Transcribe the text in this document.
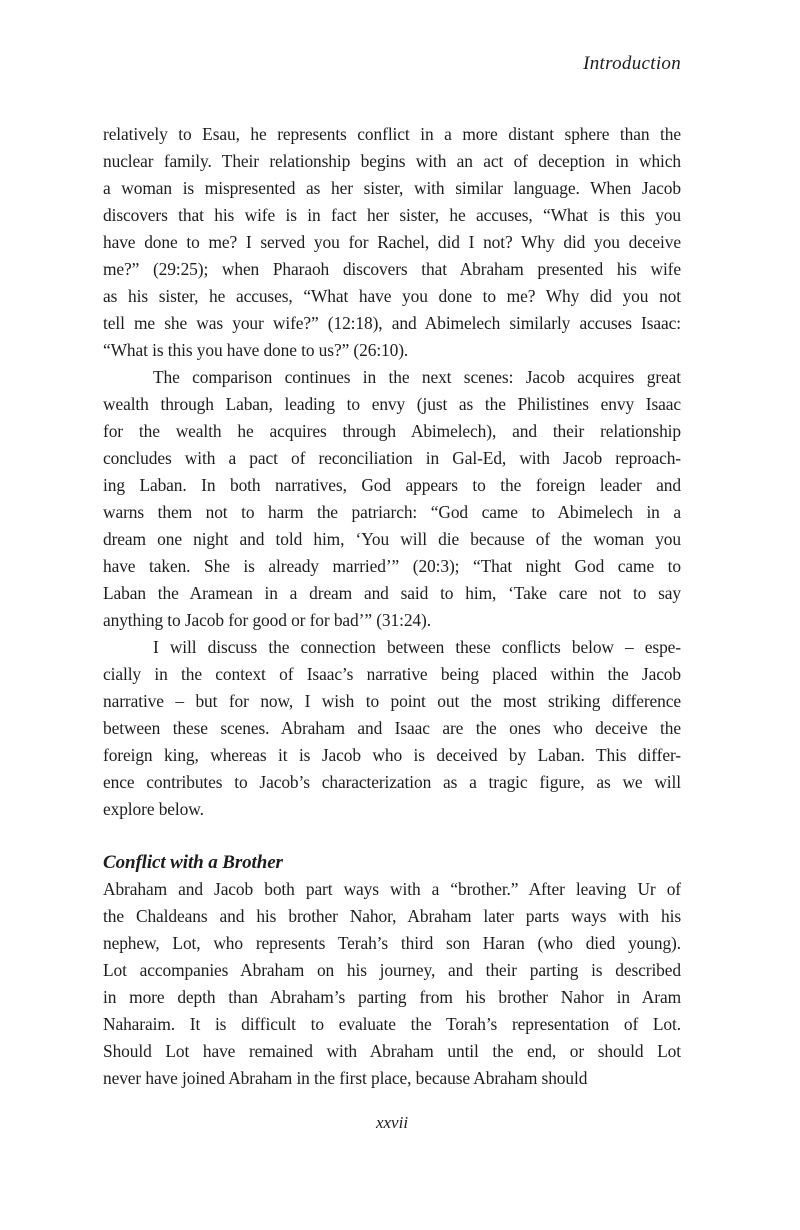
Introduction
relatively to Esau, he represents conflict in a more distant sphere than the
nuclear family. Their relationship begins with an act of deception in which
a woman is mispresented as her sister, with similar language. When Jacob
discovers that his wife is in fact her sister, he accuses, “What is this you
have done to me? I served you for Rachel, did I not? Why did you deceive
me?” (29:25); when Pharaoh discovers that Abraham presented his wife
as his sister, he accuses, “What have you done to me? Why did you not
tell me she was your wife?” (12:18), and Abimelech similarly accuses Isaac:
“What is this you have done to us?” (26:10).
The comparison continues in the next scenes: Jacob acquires great
wealth through Laban, leading to envy (just as the Philistines envy Isaac
for the wealth he acquires through Abimelech), and their relationship
concludes with a pact of reconciliation in Gal-Ed, with Jacob reproach-
ing Laban. In both narratives, God appears to the foreign leader and
warns them not to harm the patriarch: “God came to Abimelech in a
dream one night and told him, ‘You will die because of the woman you
have taken. She is already married’” (20:3); “That night God came to
Laban the Aramean in a dream and said to him, ‘Take care not to say
anything to Jacob for good or for bad’” (31:24).
I will discuss the connection between these conflicts below – espe-
cially in the context of Isaac’s narrative being placed within the Jacob
narrative – but for now, I wish to point out the most striking difference
between these scenes. Abraham and Isaac are the ones who deceive the
foreign king, whereas it is Jacob who is deceived by Laban. This differ-
ence contributes to Jacob’s characterization as a tragic figure, as we will
explore below.
Conflict with a Brother
Abraham and Jacob both part ways with a “brother.” After leaving Ur of
the Chaldeans and his brother Nahor, Abraham later parts ways with his
nephew, Lot, who represents Terah’s third son Haran (who died young).
Lot accompanies Abraham on his journey, and their parting is described
in more depth than Abraham’s parting from his brother Nahor in Aram
Naharaim. It is difficult to evaluate the Torah’s representation of Lot.
Should Lot have remained with Abraham until the end, or should Lot
never have joined Abraham in the first place, because Abraham should
xxvii
